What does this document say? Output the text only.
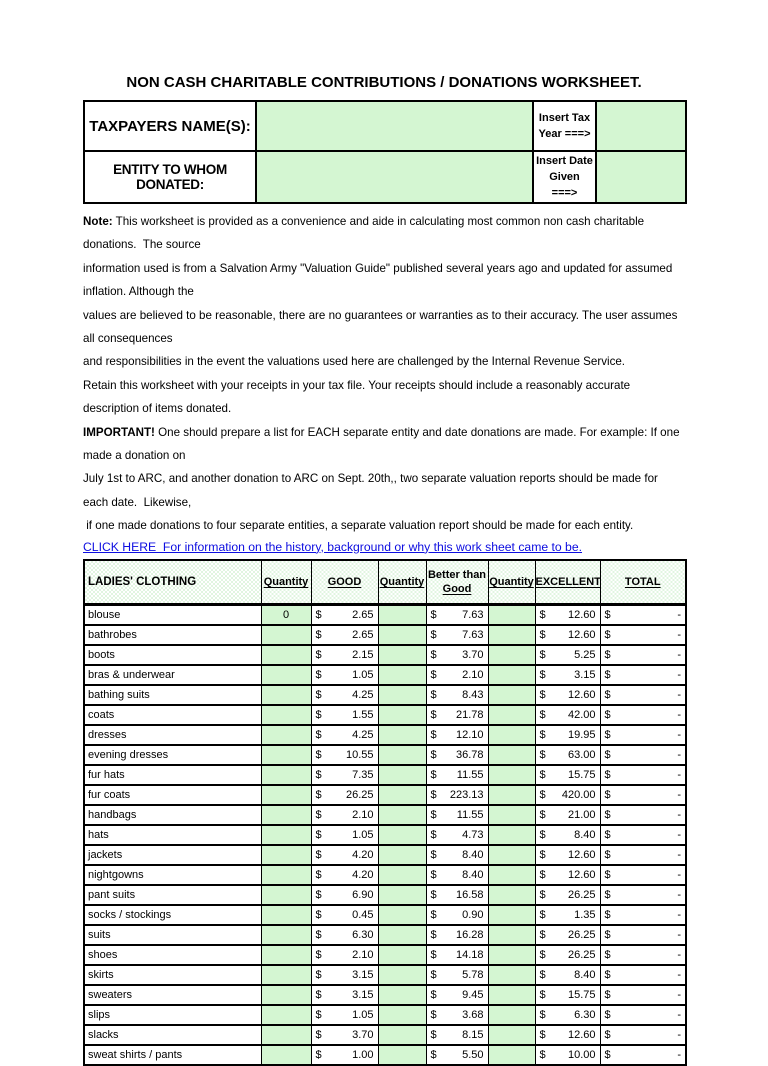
NON CASH CHARITABLE CONTRIBUTIONS / DONATIONS WORKSHEET.
TAXPAYERS NAME(S):		Insert Tax
Year ===>	

ENTITY TO WHOM DONATED:		Insert Date
Given ===>	

Note: This worksheet is provided as a convenience and aide in calculating most common non cash charitable donations.  The source
information used is from a Salvation Army "Valuation Guide" published several years ago and updated for assumed inflation. Although the
values are believed to be reasonable, there are no guarantees or warranties as to their accuracy. The user assumes all consequences
and responsibilities in the event the valuations used here are challenged by the Internal Revenue Service.
Retain this worksheet with your receipts in your tax file. Your receipts should include a reasonably accurate description of items donated.
IMPORTANT! One should prepare a list for EACH separate entity and date donations are made. For example: If one made a donation on
July 1st to ARC, and another donation to ARC on Sept. 20th,, two separate valuation reports should be made for each date.  Likewise,
if one made donations to four separate entities, a separate valuation report should be made for each entity.
CLICK HERE  For information on the history, background or why this work sheet came to be.
LADIES' CLOTHING	Quantity	GOOD	Quantity	Better than
Good	Quantity	EXCELLENT	TOTAL
blouse	0	$ 2.65		$ 7.63		$ 12.60	$ -

bathrobes		$ 2.65		$ 7.63		$ 12.60	$ -

boots		$ 2.15		$ 3.70		$ 5.25	$ -

bras & underwear		$ 1.05		$ 2.10		$ 3.15	$ -

bathing suits		$ 4.25		$ 8.43		$ 12.60	$ -

coats		$ 1.55		$ 21.78		$ 42.00	$ -

dresses		$ 4.25		$ 12.10		$ 19.95	$ -

evening dresses		$ 10.55		$ 36.78		$ 63.00	$ -

fur hats		$ 7.35		$ 11.55		$ 15.75	$ -

fur coats		$ 26.25		$ 223.13		$ 420.00	$ -

handbags		$ 2.10		$ 11.55		$ 21.00	$ -

hats		$ 1.05		$ 4.73		$ 8.40	$ -

jackets		$ 4.20		$ 8.40		$ 12.60	$ -

nightgowns		$ 4.20		$ 8.40		$ 12.60	$ -

pant suits		$ 6.90		$ 16.58		$ 26.25	$ -

socks / stockings		$ 0.45		$ 0.90		$ 1.35	$ -

suits		$ 6.30		$ 16.28		$ 26.25	$ -

shoes		$ 2.10		$ 14.18		$ 26.25	$ -

skirts		$ 3.15		$ 5.78		$ 8.40	$ -

sweaters		$ 3.15		$ 9.45		$ 15.75	$ -

slips		$ 1.05		$ 3.68		$ 6.30	$ -

slacks		$ 3.70		$ 8.15		$ 12.60	$ -

sweat shirts / pants		$ 1.00		$ 5.50		$ 10.00	$ -
